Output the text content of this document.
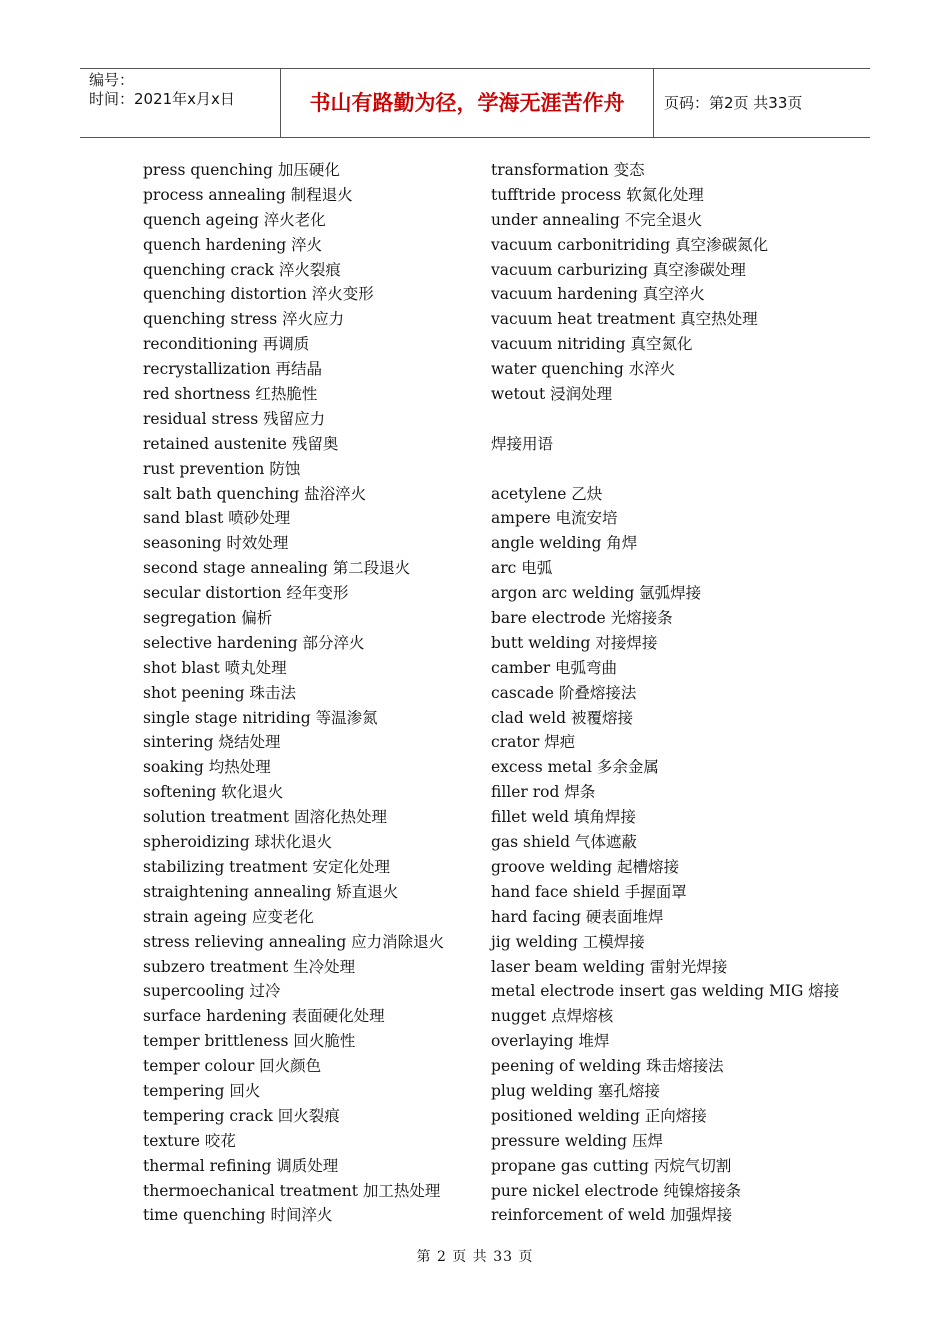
编号：
时间：2021年x月x日	书山有路勤为径，学海无涯苦作舟	页码：第2页 共33页
press quenching 加压硬化
process annealing 制程退火
quench ageing 淬火老化
quench hardening 淬火
quenching crack 淬火裂痕
quenching distortion 淬火变形
quenching stress 淬火应力
reconditioning 再调质
recrystallization 再结晶
red shortness 红热脆性
residual stress 残留应力
retained austenite 残留奥
rust prevention 防蚀
salt bath quenching 盐浴淬火
sand blast 喷砂处理
seasoning 时效处理
second stage annealing 第二段退火
secular distortion 经年变形
segregation 偏析
selective hardening 部分淬火
shot blast 喷丸处理
shot peening 珠击法
single stage nitriding 等温渗氮
sintering 烧结处理
soaking 均热处理
softening 软化退火
solution treatment 固溶化热处理
spheroidizing 球状化退火
stabilizing treatment 安定化处理
straightening annealing 矫直退火
strain ageing 应变老化
stress relieving annealing 应力消除退火
subzero treatment 生冷处理
supercooling 过冷
surface hardening 表面硬化处理
temper brittleness 回火脆性
temper colour 回火颜色
tempering 回火
tempering crack 回火裂痕
texture 咬花
thermal refining 调质处理
thermoechanical treatment 加工热处理
time quenching 时间淬火
transformation 变态
tufftride process 软氮化处理
under annealing 不完全退火
vacuum carbonitriding 真空渗碳氮化
vacuum carburizing 真空渗碳处理
vacuum hardening 真空淬火
vacuum heat treatment 真空热处理
vacuum nitriding 真空氮化
water quenching 水淬火
wetout 浸润处理
焊接用语
acetylene 乙炔
ampere 电流安培
angle welding 角焊
arc 电弧
argon arc welding 氩弧焊接
bare electrode 光熔接条
butt welding 对接焊接
camber 电弧弯曲
cascade 阶叠熔接法
clad weld 被覆熔接
crator 焊疤
excess metal 多余金属
filler rod 焊条
fillet weld 填角焊接
gas shield 气体遮蔽
groove welding 起槽熔接
hand face shield 手握面罩
hard facing 硬表面堆焊
jig welding 工模焊接
laser beam welding 雷射光焊接
metal electrode insert gas welding MIG 熔接
nugget 点焊熔核
overlaying 堆焊
peening of welding 珠击熔接法
plug welding 塞孔熔接
positioned welding 正向熔接
pressure welding 压焊
propane gas cutting 丙烷气切割
pure nickel electrode 纯镍熔接条
reinforcement of weld 加强焊接
第 2 页 共 33 页
